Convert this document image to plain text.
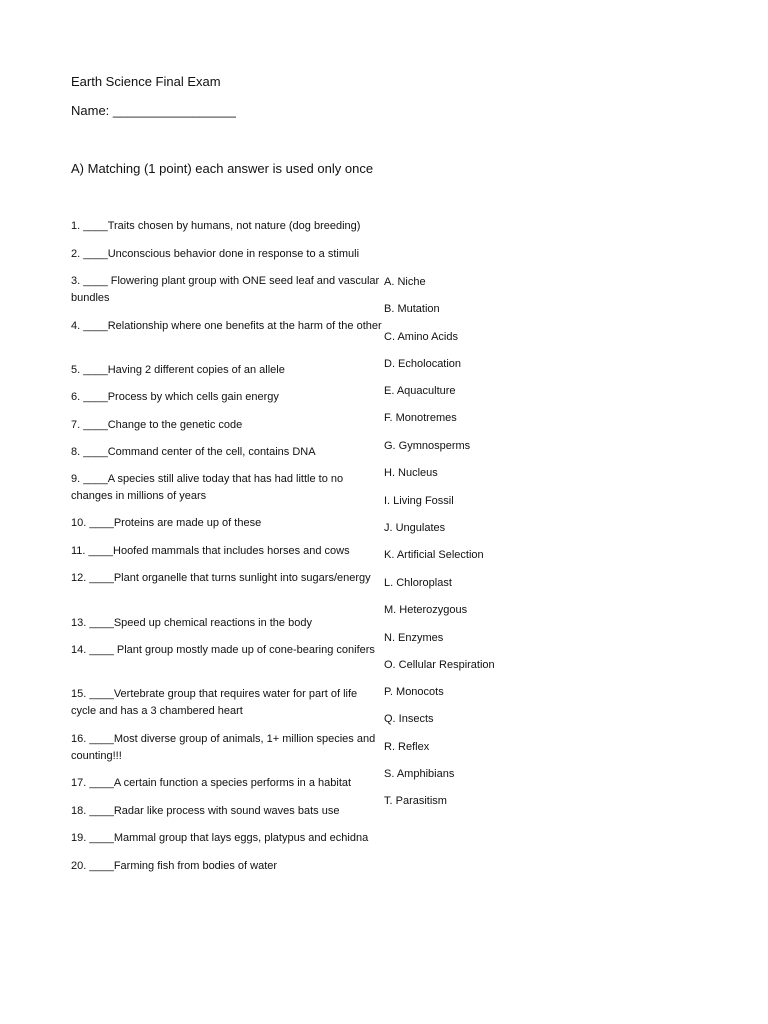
Earth Science Final Exam
Name: _________________
A) Matching (1 point) each answer is used only once
1. ____Traits chosen by humans, not nature (dog breeding)
2. ____Unconscious behavior done in response to a stimuli
3. ____ Flowering plant group with ONE seed leaf and vascular bundles
4. ____Relationship where one benefits at the harm of the other
5. ____Having 2 different copies of an allele
6. ____Process by which cells gain energy
7. ____Change to the genetic code
8. ____Command center of the cell, contains DNA
9. ____A species still alive today that has had little to no changes in millions of years
10. ____Proteins are made up of these
11. ____Hoofed mammals that includes horses and cows
12. ____Plant organelle that turns sunlight into sugars/energy
13. ____Speed up chemical reactions in the body
14. ____ Plant group mostly made up of cone-bearing conifers
15. ____Vertebrate group that requires water for part of life cycle and has a 3 chambered heart
16. ____Most diverse group of animals, 1+ million species and counting!!!
17. ____A certain function a species performs in a habitat
18. ____Radar like process with sound waves bats use
19. ____Mammal group that lays eggs, platypus and echidna
20. ____Farming fish from bodies of water
A. Niche
B. Mutation
C. Amino Acids
D. Echolocation
E. Aquaculture
F. Monotremes
G. Gymnosperms
H. Nucleus
I. Living Fossil
J. Ungulates
K. Artificial Selection
L. Chloroplast
M. Heterozygous
N. Enzymes
O. Cellular Respiration
P. Monocots
Q. Insects
R. Reflex
S. Amphibians
T. Parasitism
